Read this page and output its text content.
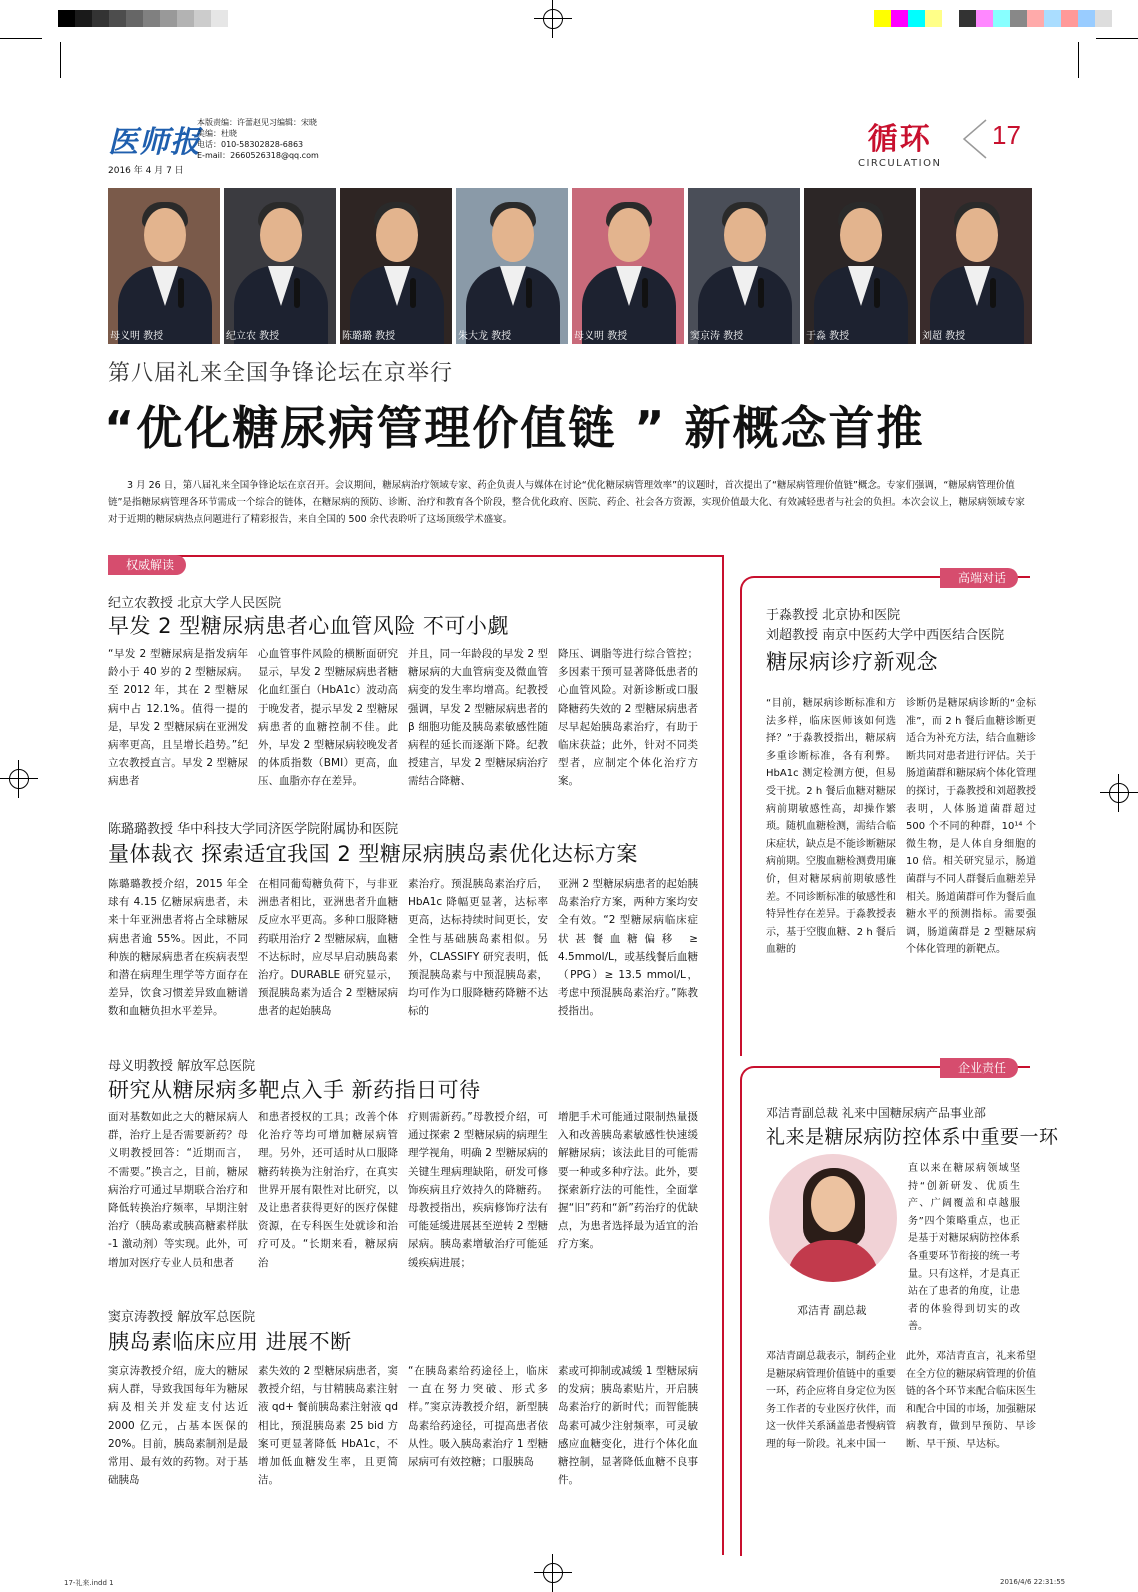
医师报
2016 年 4 月 7 日
本版责编：许蕾赵见习编辑：宋晓
美编：杜晓
电话：010-58302828-6863
E-mail：2660526318@qq.com	循环
CIRCULATION
17
母义明 教授	纪立农 教授	陈璐璐 教授	朱大龙 教授	母义明 教授	窦京涛 教授	于淼 教授	刘超 教授
第八届礼来全国争锋论坛在京举行
“优化糖尿病管理价值链 ” 新概念首推
3 月 26 日，第八届礼来全国争锋论坛在京召开。会议期间，糖尿病治疗领域专家、药企负责人与媒体在讨论“优化糖尿病管理效率”的议题时，首次提出了“糖尿病管理价值链”概念。专家们强调，“糖尿病管理价值链”是指糖尿病管理各环节需成一个综合的链体，在糖尿病的预防、诊断、治疗和教育各个阶段，整合优化政府、医院、药企、社会各方资源，实现价值最大化、有效减轻患者与社会的负担。本次会议上，糖尿病领域专家对于近期的糖尿病热点问题进行了精彩报告，来自全国的 500 余代表聆听了这场顶级学术盛宴。
权威解读
高端对话
企业责任
纪立农教授 北京大学人民医院
早发 2 型糖尿病患者心血管风险 不可小觑
“早发 2 型糖尿病是指发病年龄小于 40 岁的 2 型糖尿病。至 2012 年，其在 2 型糖尿病中占 12.1%。值得一提的是，早发 2 型糖尿病在亚洲发病率更高，且呈增长趋势。”纪立农教授直言。早发 2 型糖尿病患者
心血管事件风险的横断面研究显示，早发 2 型糖尿病患者糖化血红蛋白（HbA1c）波动高于晚发者，提示早发 2 型糖尿病患者的血糖控制不佳。此外，早发 2 型糖尿病较晚发者的体质指数（BMI）更高，血压、血脂亦存在差异。
并且，同一年龄段的早发 2 型糖尿病的大血管病变及微血管病变的发生率均增高。纪教授强调，早发 2 型糖尿病患者的 β 细胞功能及胰岛素敏感性随病程的延长而逐渐下降。纪教授建言，早发 2 型糖尿病治疗需结合降糖、
降压、调脂等进行综合管控；多因素干预可显著降低患者的心血管风险。对新诊断或口服降糖药失效的 2 型糖尿病患者尽早起始胰岛素治疗，有助于临床获益；此外，针对不同类型者，应制定个体化治疗方案。
陈璐璐教授 华中科技大学同济医学院附属协和医院
量体裁衣 探索适宜我国 2 型糖尿病胰岛素优化达标方案
陈璐璐教授介绍，2015 年全球有 4.15 亿糖尿病患者，未来十年亚洲患者将占全球糖尿病患者逾 55%。因此，不同种族的糖尿病患者在疾病表型和潜在病理生理学等方面存在差异，饮食习惯差异致血糖谱数和血糖负担水平差异。
在相同葡萄糖负荷下，与非亚洲患者相比，亚洲患者升血糖反应水平更高。多种口服降糖药联用治疗 2 型糖尿病，血糖不达标时，应尽早启动胰岛素治疗。DURABLE 研究显示，预混胰岛素为适合 2 型糖尿病患者的起始胰岛
素治疗。预混胰岛素治疗后，HbA1c 降幅更显著，达标率更高，达标持续时间更长，安全性与基础胰岛素相似。另外，CLASSIFY 研究表明，低预混胰岛素与中预混胰岛素，均可作为口服降糖药降糖不达标的
亚洲 2 型糖尿病患者的起始胰岛素治疗方案，两种方案均安全有效。“2 型糖尿病临床症状甚餐血糖偏移 ≥ 4.5mmol/L，或基线餐后血糖（PPG）≥ 13.5 mmol/L，考虑中预混胰岛素治疗。”陈教授指出。
母义明教授 解放军总医院
研究从糖尿病多靶点入手 新药指日可待
面对基数如此之大的糖尿病人群，治疗上是否需要新药？母义明教授回答：“近期而言，不需要。”换言之，目前，糖尿病治疗可通过早期联合治疗和降低转换治疗频率，早期注射治疗（胰岛素或胰高糖素样肽 -1 激动剂）等实现。此外，可增加对医疗专业人员和患者
和患者授权的工具；改善个体化治疗等均可增加糖尿病管理。另外，还可适时从口服降糖药转换为注射治疗，在真实世界开展有限性对比研究，以及让患者获得更好的医疗保健资源，在专科医生处就诊和治疗可及。“长期来看，糖尿病治
疗则需新药。”母教授介绍，可通过探索 2 型糖尿病的病理生理学视角，明确 2 型糖尿病的关键生理病理缺陷，研发可修饰疾病且疗效持久的降糖药。母教授指出，疾病修饰疗法有可能延缓进展甚至逆转 2 型糖尿病。胰岛素增敏治疗可能延缓疾病进展；
增肥手术可能通过限制热量摄入和改善胰岛素敏感性快速缓解糖尿病；该法此目的可能需要一种或多种疗法。此外，要探索新疗法的可能性，全面掌握“旧”药和“新”药治疗的优缺点，为患者选择最为适宜的治疗方案。
窦京涛教授 解放军总医院
胰岛素临床应用 进展不断
窦京涛教授介绍，庞大的糖尿病人群，导致我国每年为糖尿病及相关并发症支付达近 2000 亿元，占基本医保的 20%。目前，胰岛素制剂是最常用、最有效的药物。对于基础胰岛
素失效的 2 型糖尿病患者，窦教授介绍，与甘精胰岛素注射液 qd+ 餐前胰岛素注射液 qd 相比，预混胰岛素 25 bid 方案可更显著降低 HbA1c，不增加低血糖发生率，且更简洁。
“在胰岛素给药途径上，临床一直在努力突破、形式多样。”窦京涛教授介绍，新型胰岛素给药途径，可提高患者依从性。吸入胰岛素治疗 1 型糖尿病可有效控糖；口服胰岛
素或可抑制或减缓 1 型糖尿病的发病；胰岛素贴片，开启胰岛素治疗的新时代；而智能胰岛素可减少注射频率，可灵敏感应血糖变化，进行个体化血糖控制，显著降低血糖不良事件。
于淼教授 北京协和医院
刘超教授 南京中医药大学中西医结合医院
糖尿病诊疗新观念
“目前，糖尿病诊断标准和方法多样，临床医师该如何选择？”于淼教授指出，糖尿病多重诊断标准，各有利弊。HbA1c 测定检测方便，但易受干扰。2 h 餐后血糖对糖尿病前期敏感性高，却操作繁琐。随机血糖检测，需结合临床症状，缺点是不能诊断糖尿病前期。空腹血糖检测费用廉价，但对糖尿病前期敏感性差。不同诊断标准的敏感性和特异性存在差异。于淼教授表示，基于空腹血糖、2 h 餐后血糖的
诊断仍是糖尿病诊断的“金标准”，而 2 h 餐后血糖诊断更适合为补充方法，结合血糖诊断共同对患者进行评估。关于肠道菌群和糖尿病个体化管理的探讨，于淼教授和刘超教授表明，人体肠道菌群超过 500 个不同的种群，10¹⁴ 个微生物，是人体自身细胞的 10 倍。相关研究显示，肠道菌群与不同人群餐后血糖差异相关。肠道菌群可作为餐后血糖水平的预测指标。需要强调，肠道菌群是 2 型糖尿病个体化管理的新靶点。
邓洁青副总裁 礼来中国糖尿病产品事业部
礼来是糖尿病防控体系中重要一环
邓洁青 副总裁
直以来在糖尿病领域坚持“创新研发、优质生产、广阔覆盖和卓越服务”四个策略重点，也正是基于对糖尿病防控体系各重要环节衔接的统一考量。只有这样，才是真正站在了患者的角度，让患者的体验得到切实的改善。
邓洁青副总裁表示，制药企业是糖尿病管理价值链中的重要一环，药企应将自身定位为医务工作者的专业医疗伙伴，而这一伙伴关系涵盖患者慢病管理的每一阶段。礼来中国一
此外，邓洁青直言，礼来希望在全方位的糖尿病管理的价值链的各个环节来配合临床医生和配合中国的市场，加强糖尿病教育，做到早预防、早诊断、早干预、早达标。
17-礼来.indd 1	2016/4/6 22:31:55
